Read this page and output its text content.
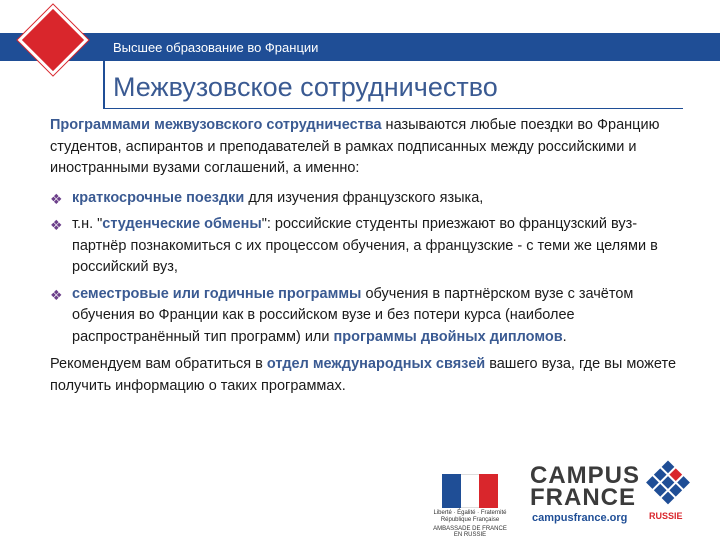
Высшее образование во Франции
Межвузовское сотрудничество

Программами межвузовского сотрудничества называются любые поездки во Францию студентов, аспирантов и преподавателей в рамках подписанных между российскими и иностранными вузами соглашений, а именно:

❖ краткосрочные поездки для изучения французского языка,
❖ т.н. "студенческие обмены": российские студенты приезжают во французский вуз-партнёр познакомиться с их процессом обучения, а французские - с теми же целями в российский вуз,
❖ семестровые или годичные программы обучения в партнёрском вузе с зачётом обучения во Франции как в российском вузе и без потери курса (наиболее распространённый тип программ) или программы двойных дипломов.

Рекомендуем вам обратиться в отдел международных связей вашего вуза, где вы можете получить информацию о таких программах.

Liberté · Égalité · Fraternité
République Française
AMBASSADE DE FRANCE
EN RUSSIE
CAMPUS
FRANCE
campusfrance.org RUSSIE
